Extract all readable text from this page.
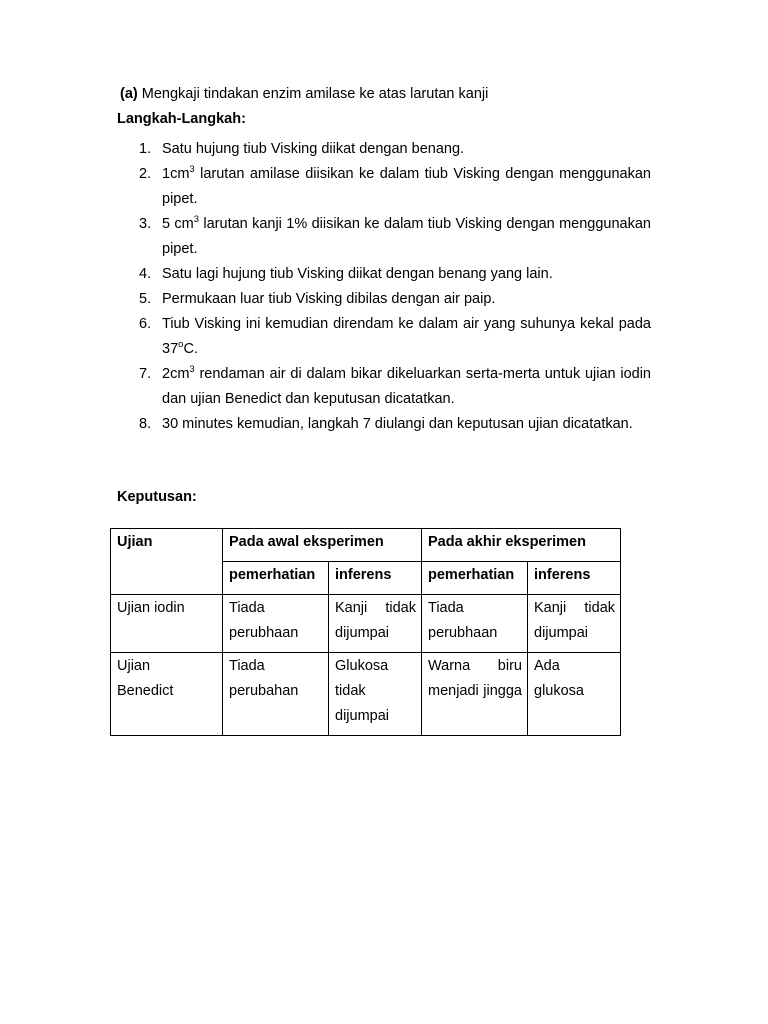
(a) Mengkaji tindakan enzim amilase ke atas larutan kanji
Langkah-Langkah:
1. Satu hujung tiub Visking diikat dengan benang.
2. $1cm^3$ larutan amilase diisikan ke dalam tiub Visking dengan menggunakan pipet.
3. 5 $cm^3$ larutan kanji 1% diisikan ke dalam tiub Visking dengan menggunakan pipet.
4. Satu lagi hujung tiub Visking diikat dengan benang yang lain.
5. Permukaan luar tiub Visking dibilas dengan air paip.
6. Tiub Visking ini kemudian direndam ke dalam air yang suhunya kekal pada 37$^o$C.
7. $2cm^3$ rendaman air di dalam bikar dikeluarkan serta-merta untuk ujian iodin dan ujian Benedict dan keputusan dicatatkan.
8. 30 minutes kemudian, langkah 7 diulangi dan keputusan ujian dicatatkan.
Keputusan:
Ujian	Pada awal eksperimen		Pada akhir eksperimen	
	pemerhatian	inferens	pemerhatian	inferens
Ujian iodin	Tiada perubhaan	Kanji tidak dijumpai	Tiada perubhaan	Kanji tidak dijumpai
Ujian Benedict	Tiada perubahan	Glukosa tidak dijumpai	Warna biru menjadi jingga	Ada glukosa
